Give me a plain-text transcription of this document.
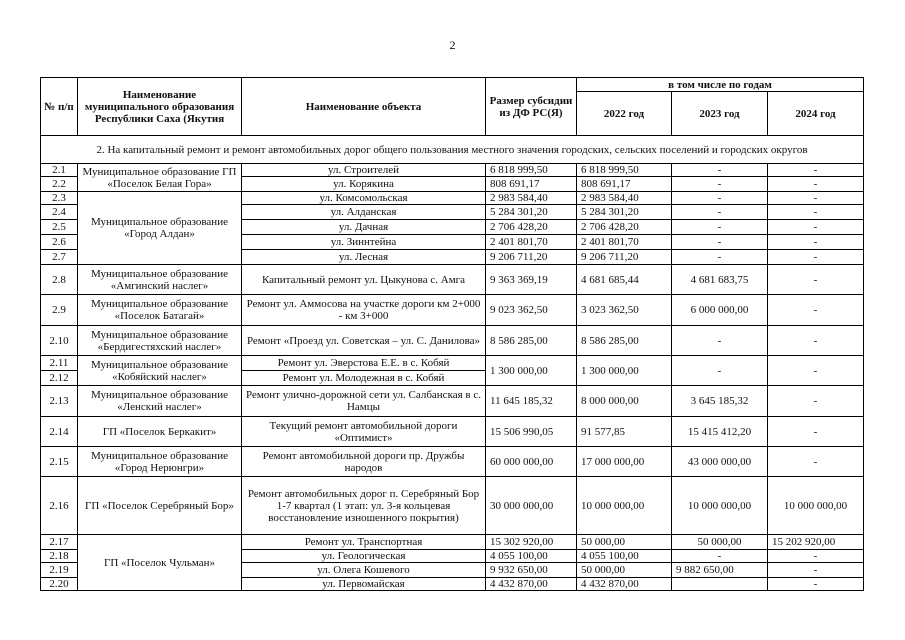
2
№ п/п	Наименование муниципального образования Республики Саха (Якутия	Наименование объекта	Размер субсидии из ДФ РС(Я)	в том числе по годам		
				2022 год	2023 год	2024 год
2. На капитальный ремонт и ремонт автомобильных дорог общего пользования местного значения городских, сельских поселений и городских округов						
2.1	Муниципальное образование ГП «Поселок Белая Гора»	ул. Строителей	6 818 999,50	6 818 999,50	-	-
2.2		ул. Корякина	808 691,17	808 691,17	-	-
2.3	Муниципальное образование «Город Алдан»	ул. Комсомольская	2 983 584,40	2 983 584,40	-	-
2.4		ул. Алданская	5 284 301,20	5 284 301,20	-	-
2.5		ул. Дачная	2 706 428,20	2 706 428,20	-	-
2.6		ул. Зиннтейна	2 401 801,70	2 401 801,70	-	-
2.7		ул. Лесная	9 206 711,20	9 206 711,20	-	-
2.8	Муниципальное образование «Амгинский наслег»	Капитальный ремонт ул. Цыкунова с. Амга	9 363 369,19	4 681 685,44	4 681 683,75	-
2.9	Муниципальное образование «Поселок Батагай»	Ремонт ул. Аммосова на участке дороги км 2+000 - км 3+000	9 023 362,50	3 023 362,50	6 000 000,00	-
2.10	Муниципальное образование «Бердигестяхский наслег»	Ремонт «Проезд ул. Советская – ул. С. Данилова»	8 586 285,00	8 586 285,00	-	-
2.11	Муниципальное образование «Кобяйский наслег»	Ремонт ул. Эверстова Е.Е. в с. Кобяй	1 300 000,00	1 300 000,00	-	-
2.12		Ремонт ул. Молодежная в с. Кобяй				
2.13	Муниципальное образование «Ленский наслег»	Ремонт улично-дорожной сети ул. Салбанская в с. Намцы	11 645 185,32	8 000 000,00	3 645 185,32	-
2.14	ГП «Поселок Беркакит»	Текущий ремонт автомобильной дороги «Оптимист»	15 506 990,05	91 577,85	15 415 412,20	-
2.15	Муниципальное образование «Город Нерюнгри»	Ремонт автомобильной дороги пр. Дружбы народов	60 000 000,00	17 000 000,00	43 000 000,00	-
2.16	ГП «Поселок Серебряный Бор»	Ремонт автомобильных дорог п. Серебряный Бор 1-7 квартал (1 этап: ул. 3-я кольцевая восстановление изношенного покрытия)	30 000 000,00	10 000 000,00	10 000 000,00	10 000 000,00
2.17	ГП «Поселок Чульман»	Ремонт ул. Транспортная	15 302 920,00	50 000,00	50 000,00	15 202 920,00
2.18		ул. Геологическая	4 055 100,00	4 055 100,00	-	-
2.19		ул. Олега Кошевого	9 932 650,00	50 000,00	9 882 650,00	-
2.20		ул. Первомайская	4 432 870,00	4 432 870,00		-
